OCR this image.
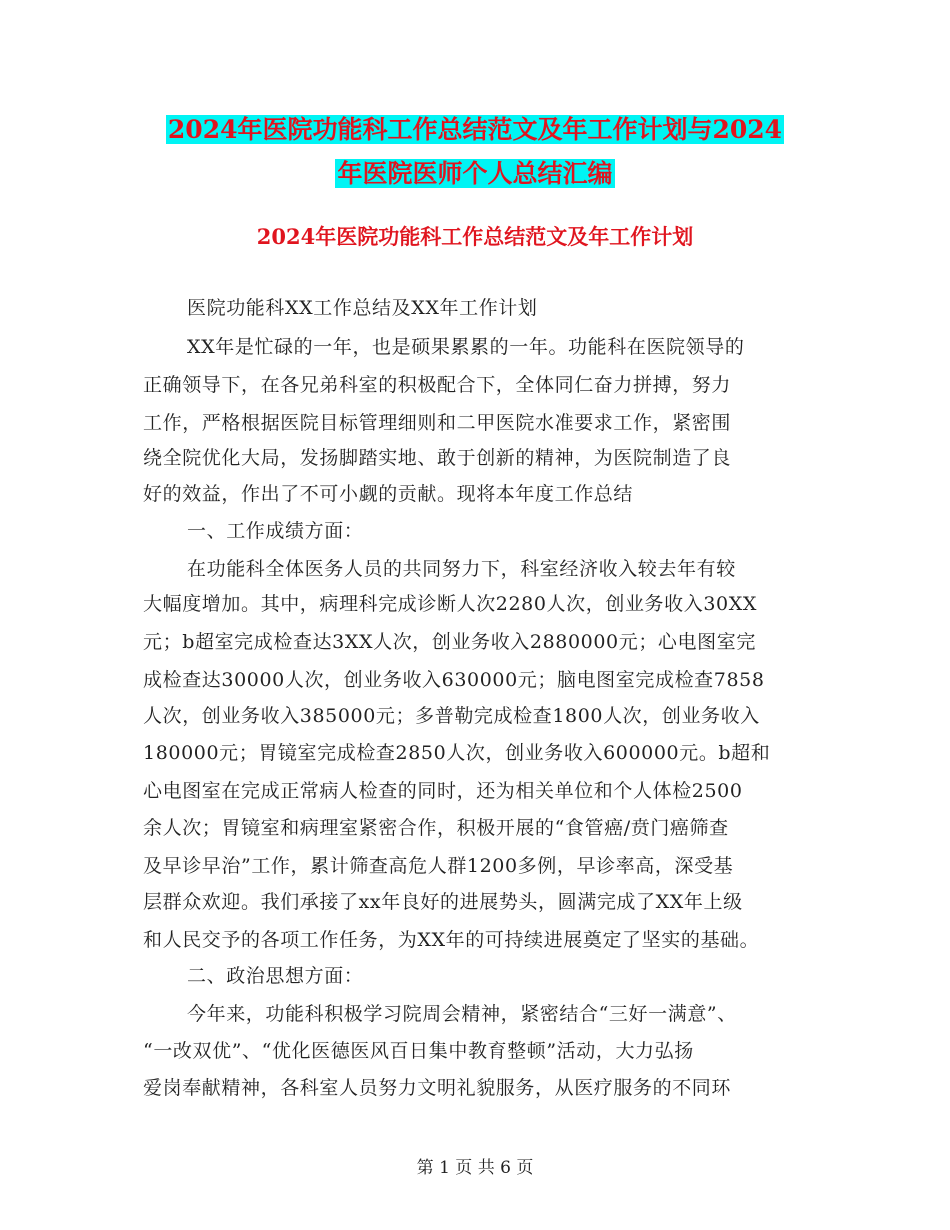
2024年医院功能科工作总结范文及年工作计划与2024
年医院医师个人总结汇编
2024年医院功能科工作总结范文及年工作计划
医院功能科XX工作总结及XX年工作计划
XX年是忙碌的一年，也是硕果累累的一年。功能科在医院领导的
正确领导下，在各兄弟科室的积极配合下，全体同仁奋力拼搏，努力
工作，严格根据医院目标管理细则和二甲医院水准要求工作，紧密围
绕全院优化大局，发扬脚踏实地、敢于创新的精神，为医院制造了良
好的效益，作出了不可小觑的贡献。现将本年度工作总结
一、工作成绩方面：
在功能科全体医务人员的共同努力下，科室经济收入较去年有较
大幅度增加。其中，病理科完成诊断人次2280人次，创业务收入30XX
元；b超室完成检查达3XX人次，创业务收入2880000元；心电图室完
成检查达30000人次，创业务收入630000元；脑电图室完成检查7858
人次，创业务收入385000元；多普勒完成检查1800人次，创业务收入
180000元；胃镜室完成检查2850人次，创业务收入600000元。b超和
心电图室在完成正常病人检查的同时，还为相关单位和个人体检2500
余人次；胃镜室和病理室紧密合作，积极开展的“食管癌/贲门癌筛查
及早诊早治”工作，累计筛查高危人群1200多例，早诊率高，深受基
层群众欢迎。我们承接了xx年良好的进展势头，圆满完成了XX年上级
和人民交予的各项工作任务，为XX年的可持续进展奠定了坚实的基础。
二、政治思想方面：
今年来，功能科积极学习院周会精神，紧密结合“三好一满意”、
“一改双优”、“优化医德医风百日集中教育整顿”活动，大力弘扬
爱岗奉献精神，各科室人员努力文明礼貌服务，从医疗服务的不同环
第 1 页 共 6 页
